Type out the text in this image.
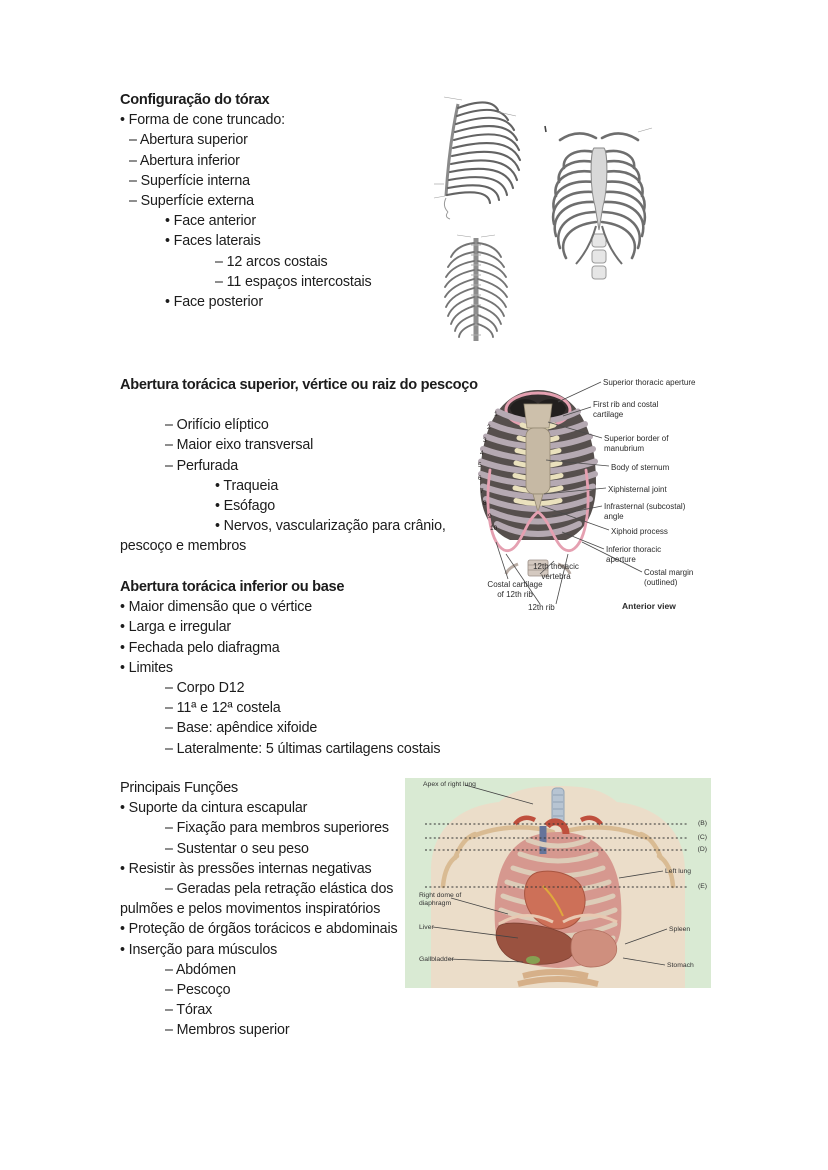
Configuração do tórax
• Forma de cone truncado:
– Abertura superior
– Abertura inferior
– Superfície interna
– Superfície externa
• Face anterior
• Faces laterais
– 12 arcos costais
– 11 espaços intercostais
• Face posterior
Abertura torácica superior, vértice ou raiz do pescoço
– Orifício elíptico
– Maior eixo transversal
– Perfurada
• Traqueia
• Esófago
• Nervos, vascularização para crânio,
pescoço e membros
Abertura torácica inferior ou base
• Maior dimensão que o vértice
• Larga e irregular
• Fechada pelo diafragma
• Limites
– Corpo D12
– 11ª e 12ª costela
– Base: apêndice xifoide
– Lateralmente: 5 últimas cartilagens costais
Principais Funções
• Suporte da cintura escapular
– Fixação para membros superiores
– Sustentar o seu peso
• Resistir às pressões internas negativas
– Geradas pela retração elástica dos
pulmões e pelos movimentos inspiratórios
• Proteção de órgãos torácicos e abdominais
• Inserção para músculos
– Abdómen
– Pescoço
– Tórax
– Membros superior
1
2
3
4
5
6
7
8
9
10
Superior thoracic aperture
First rib and costal cartilage
Superior border of manubrium
Body of sternum
Xiphisternal joint
Infrasternal (subcostal) angle
Xiphoid process
Inferior thoracic aperture
Costal margin (outlined)
Costal cartilage of 12th rib
12th thoracic vertebra
12th rib	Anterior view
Apex of right lung
Right dome of diaphragm
Liver
Gallbladder
(B)
(C)
(D)
Left lung
(E)
Spleen
Stomach
